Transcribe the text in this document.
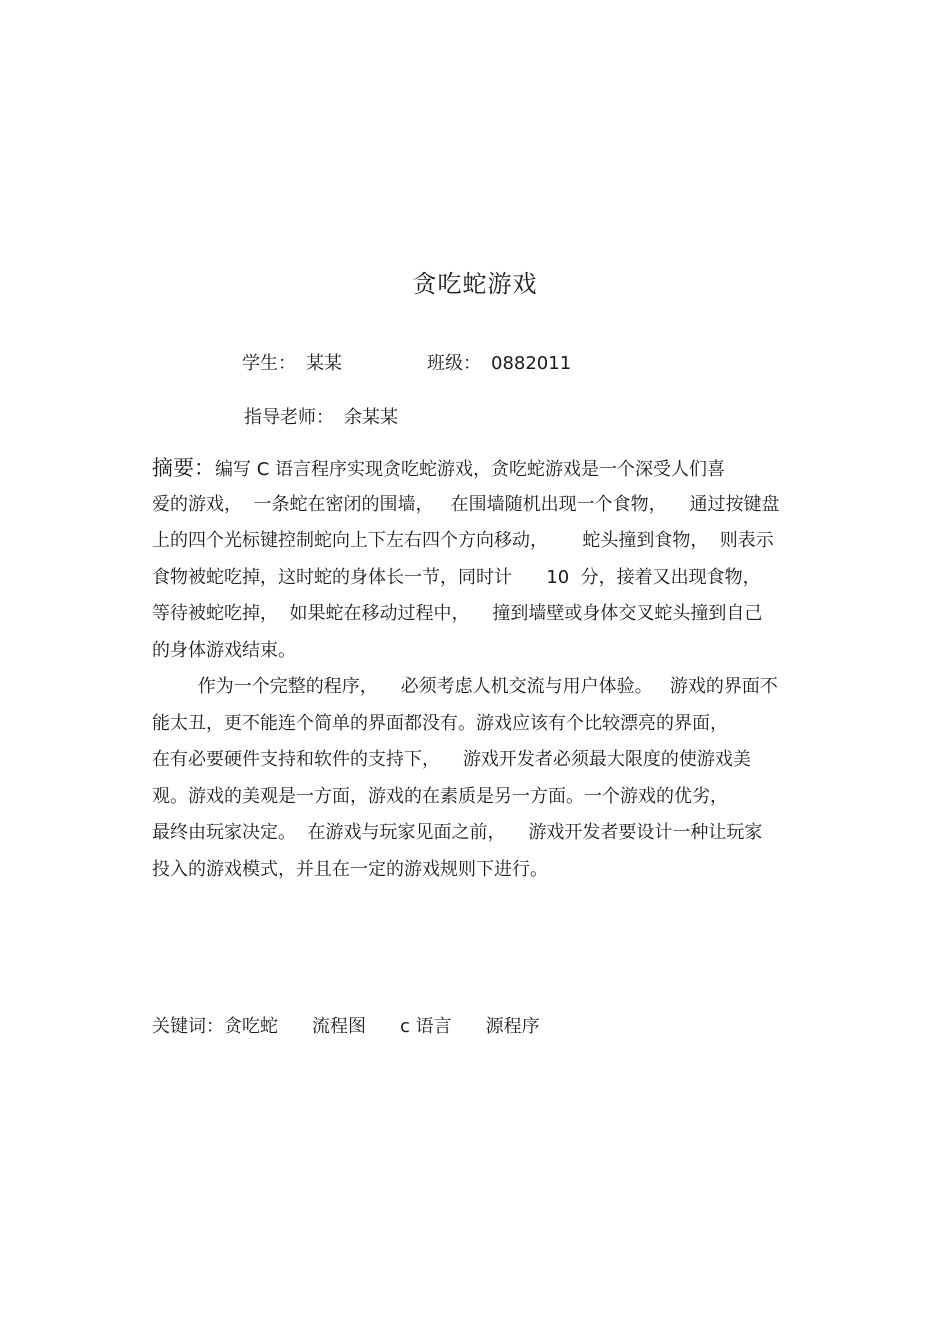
贪吃蛇游戏
学生： 某某	班级： 0882011
指导老师： 余某某
摘要：编写 C 语言程序实现贪吃蛇游戏，贪吃蛇游戏是一个深受人们喜
爱的游戏，  一条蛇在密闭的围墙，   在围墙随机出现一个食物，    通过按键盘
上的四个光标键控制蛇向上下左右四个方向移动，      蛇头撞到食物，  则表示
食物被蛇吃掉，这时蛇的身体长一节，同时计      10  分，接着又出现食物，
等待被蛇吃掉，  如果蛇在移动过程中，    撞到墙壁或身体交叉蛇头撞到自己
的身体游戏结束。
作为一个完整的程序，    必须考虑人机交流与用户体验。   游戏的界面不
能太丑，更不能连个简单的界面都没有。游戏应该有个比较漂亮的界面，
在有必要硬件支持和软件的支持下，    游戏开发者必须最大限度的使游戏美
观。游戏的美观是一方面，游戏的在素质是另一方面。一个游戏的优劣，
最终由玩家决定。  在游戏与玩家见面之前，    游戏开发者要设计一种让玩家
投入的游戏模式，并且在一定的游戏规则下进行。
关键词：贪吃蛇 流程图 c 语言 源程序
